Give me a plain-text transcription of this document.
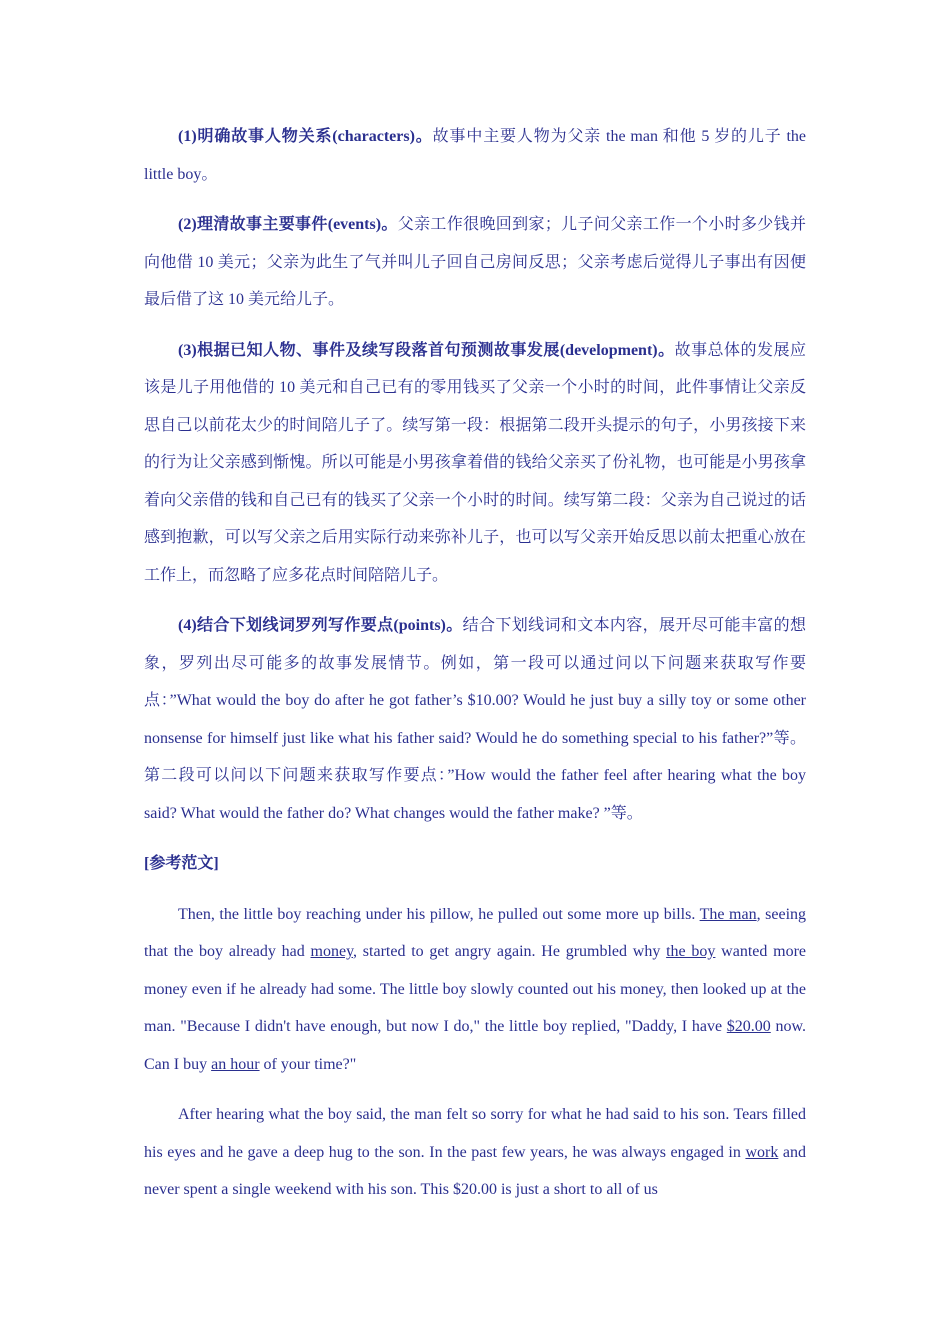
(1)明确故事人物关系(characters)。故事中主要人物为父亲 the man 和他 5 岁的儿子 the little boy。

(2)理清故事主要事件(events)。父亲工作很晚回到家；儿子问父亲工作一个小时多少钱并向他借 10 美元；父亲为此生了气并叫儿子回自己房间反思；父亲考虑后觉得儿子事出有因便最后借了这 10 美元给儿子。

(3)根据已知人物、事件及续写段落首句预测故事发展(development)。故事总体的发展应该是儿子用他借的 10 美元和自己已有的零用钱买了父亲一个小时的时间，此件事情让父亲反思自己以前花太少的时间陪儿子了。续写第一段：根据第二段开头提示的句子，小男孩接下来的行为让父亲感到惭愧。所以可能是小男孩拿着借的钱给父亲买了份礼物，也可能是小男孩拿着向父亲借的钱和自己已有的钱买了父亲一个小时的时间。续写第二段：父亲为自己说过的话感到抱歉，可以写父亲之后用实际行动来弥补儿子，也可以写父亲开始反思以前太把重心放在工作上，而忽略了应多花点时间陪陪儿子。

(4)结合下划线词罗列写作要点(points)。结合下划线词和文本内容，展开尽可能丰富的想象，罗列出尽可能多的故事发展情节。例如，第一段可以通过问以下问题来获取写作要点：”What would the boy do after he got father’s $10.00? Would he just buy a silly toy or some other nonsense for himself just like what his father said? Would he do something special to his father?”等。第二段可以问以下问题来获取写作要点：”How would the father feel after hearing what the boy said? What would the father do? What changes would the father make? ”等。

[参考范文]

Then, the little boy reaching under his pillow, he pulled out some more up bills. The man, seeing that the boy already had money, started to get angry again. He grumbled why the boy wanted more money even if he already had some. The little boy slowly counted out his money, then looked up at the man. "Because I didn't have enough, but now I do," the little boy replied, "Daddy, I have $20.00 now. Can I buy an hour of your time?"

After hearing what the boy said, the man felt so sorry for what he had said to his son. Tears filled his eyes and he gave a deep hug to the son. In the past few years, he was always engaged in work and never spent a single weekend with his son. This $20.00 is just a short to all of us
